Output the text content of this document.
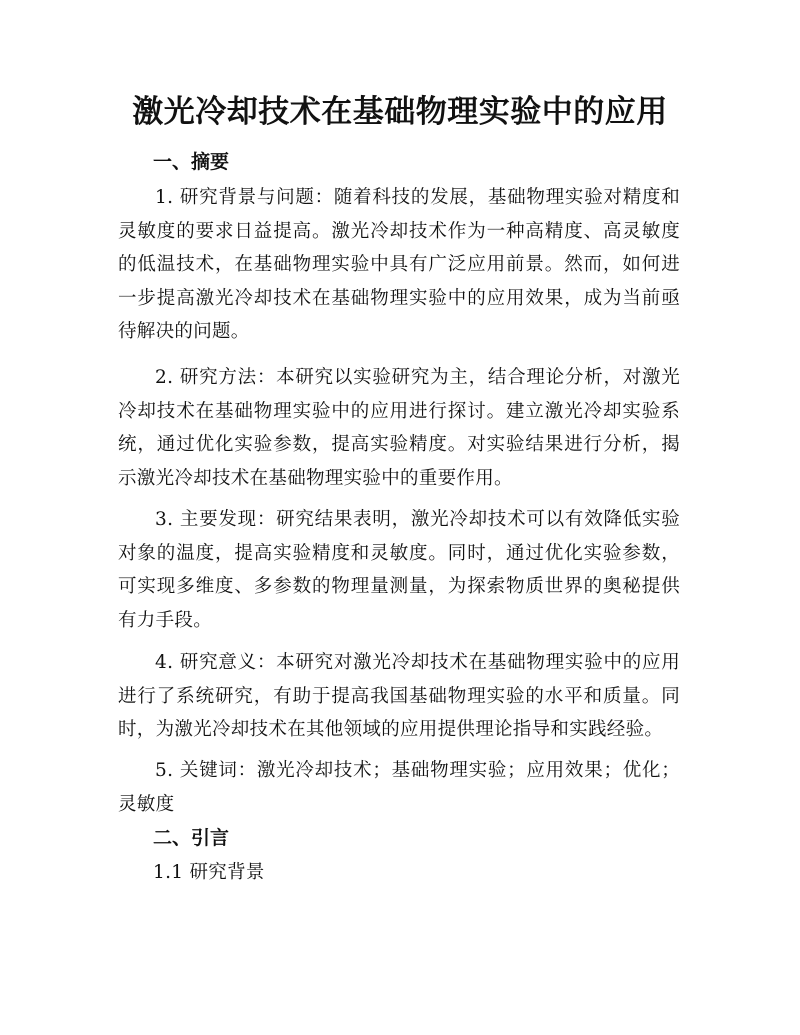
激光冷却技术在基础物理实验中的应用
一、摘要

1. 研究背景与问题：随着科技的发展，基础物理实验对精度和灵敏度的要求日益提高。激光冷却技术作为一种高精度、高灵敏度的低温技术，在基础物理实验中具有广泛应用前景。然而，如何进一步提高激光冷却技术在基础物理实验中的应用效果，成为当前亟待解决的问题。

2. 研究方法：本研究以实验研究为主，结合理论分析，对激光冷却技术在基础物理实验中的应用进行探讨。建立激光冷却实验系统，通过优化实验参数，提高实验精度。对实验结果进行分析，揭示激光冷却技术在基础物理实验中的重要作用。

3. 主要发现：研究结果表明，激光冷却技术可以有效降低实验对象的温度，提高实验精度和灵敏度。同时，通过优化实验参数，可实现多维度、多参数的物理量测量，为探索物质世界的奥秘提供有力手段。

4. 研究意义：本研究对激光冷却技术在基础物理实验中的应用进行了系统研究，有助于提高我国基础物理实验的水平和质量。同时，为激光冷却技术在其他领域的应用提供理论指导和实践经验。

5. 关键词：激光冷却技术；基础物理实验；应用效果；优化；灵敏度

二、引言
1.1 研究背景
